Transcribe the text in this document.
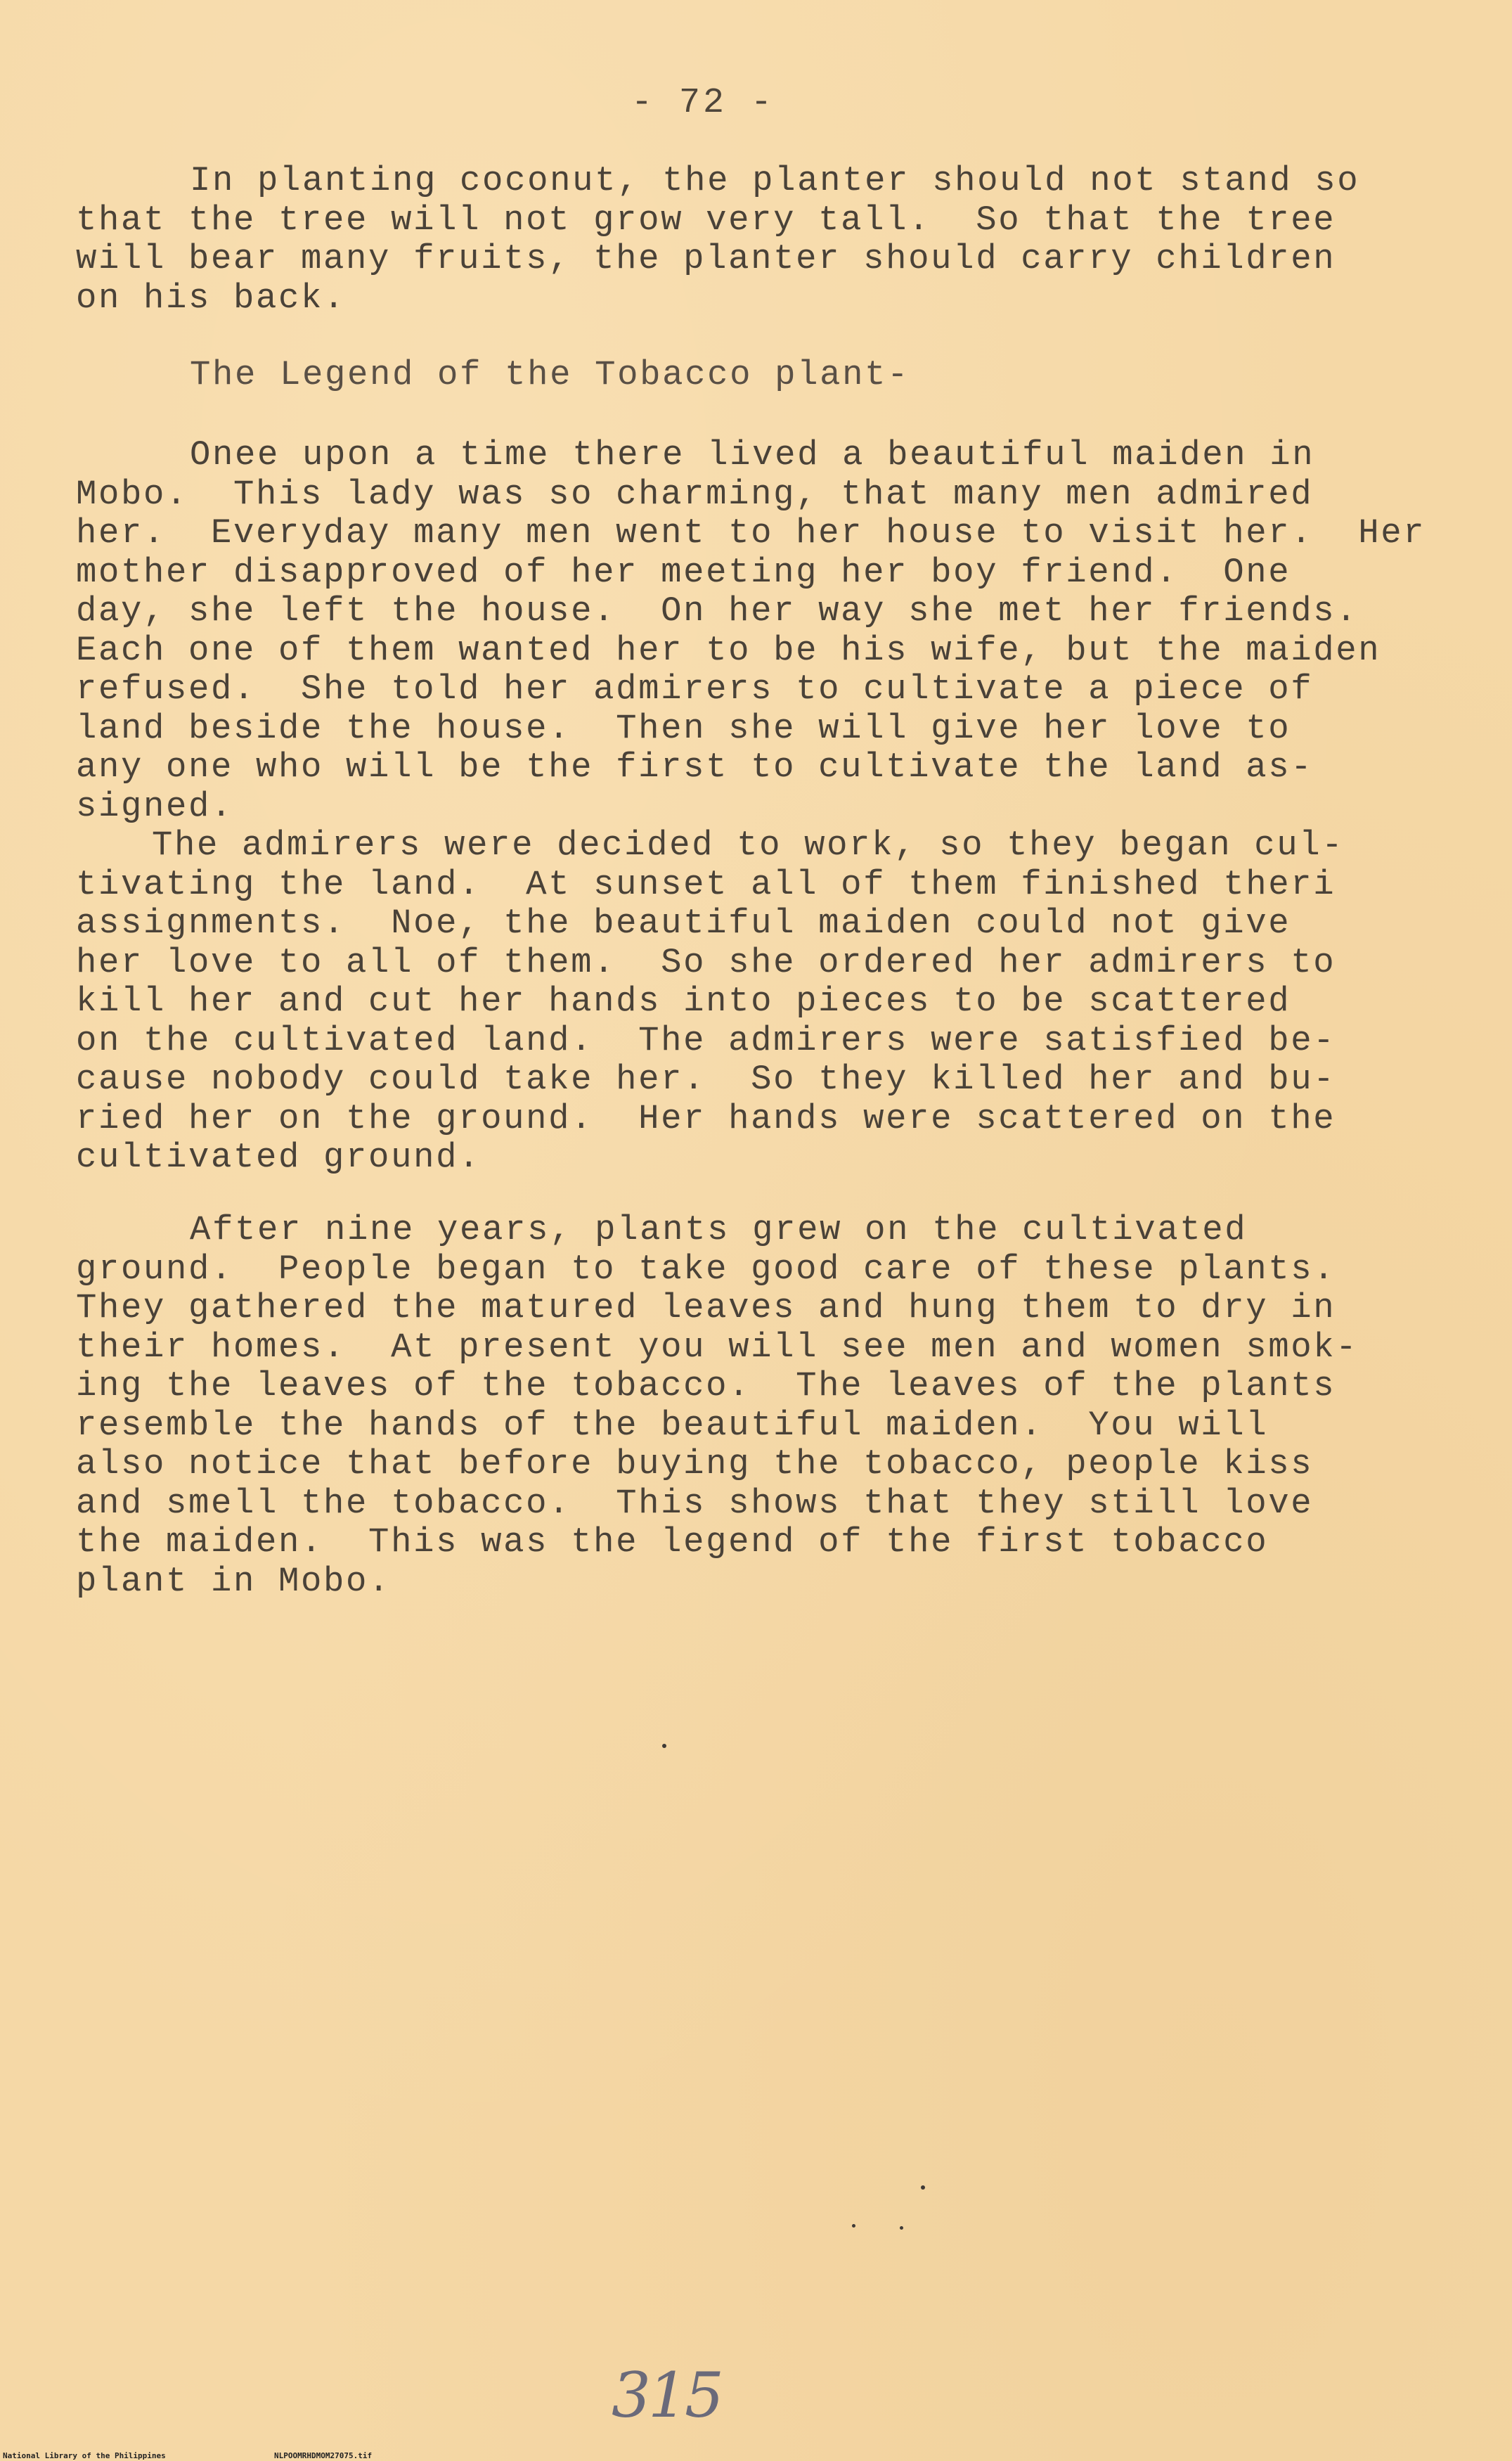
- 72 -
In planting coconut, the planter should not stand so
that the tree will not grow very tall.  So that the tree
will bear many fruits, the planter should carry children
on his back.
The Legend of the Tobacco plant-
Onee upon a time there lived a beautiful maiden in
Mobo.  This lady was so charming, that many men admired
her.  Everyday many men went to her house to visit her.  Her
mother disapproved of her meeting her boy friend.  One
day, she left the house.  On her way she met her friends.
Each one of them wanted her to be his wife, but the maiden
refused.  She told her admirers to cultivate a piece of
land beside the house.  Then she will give her love to
any one who will be the first to cultivate the land as-
signed.
The admirers were decided to work, so they began cul-
tivating the land.  At sunset all of them finished theri
assignments.  Noe, the beautiful maiden could not give
her love to all of them.  So she ordered her admirers to
kill her and cut her hands into pieces to be scattered
on the cultivated land.  The admirers were satisfied be-
cause nobody could take her.  So they killed her and bu-
ried her on the ground.  Her hands were scattered on the
cultivated ground.
After nine years, plants grew on the cultivated
ground.  People began to take good care of these plants.
They gathered the matured leaves and hung them to dry in
their homes.  At present you will see men and women smok-
ing the leaves of the tobacco.  The leaves of the plants
resemble the hands of the beautiful maiden.  You will
also notice that before buying the tobacco, people kiss
and smell the tobacco.  This shows that they still love
the maiden.  This was the legend of the first tobacco
plant in Mobo.
315
National Library of the Philippines	NLPOOMRHDMOM27075.tif
